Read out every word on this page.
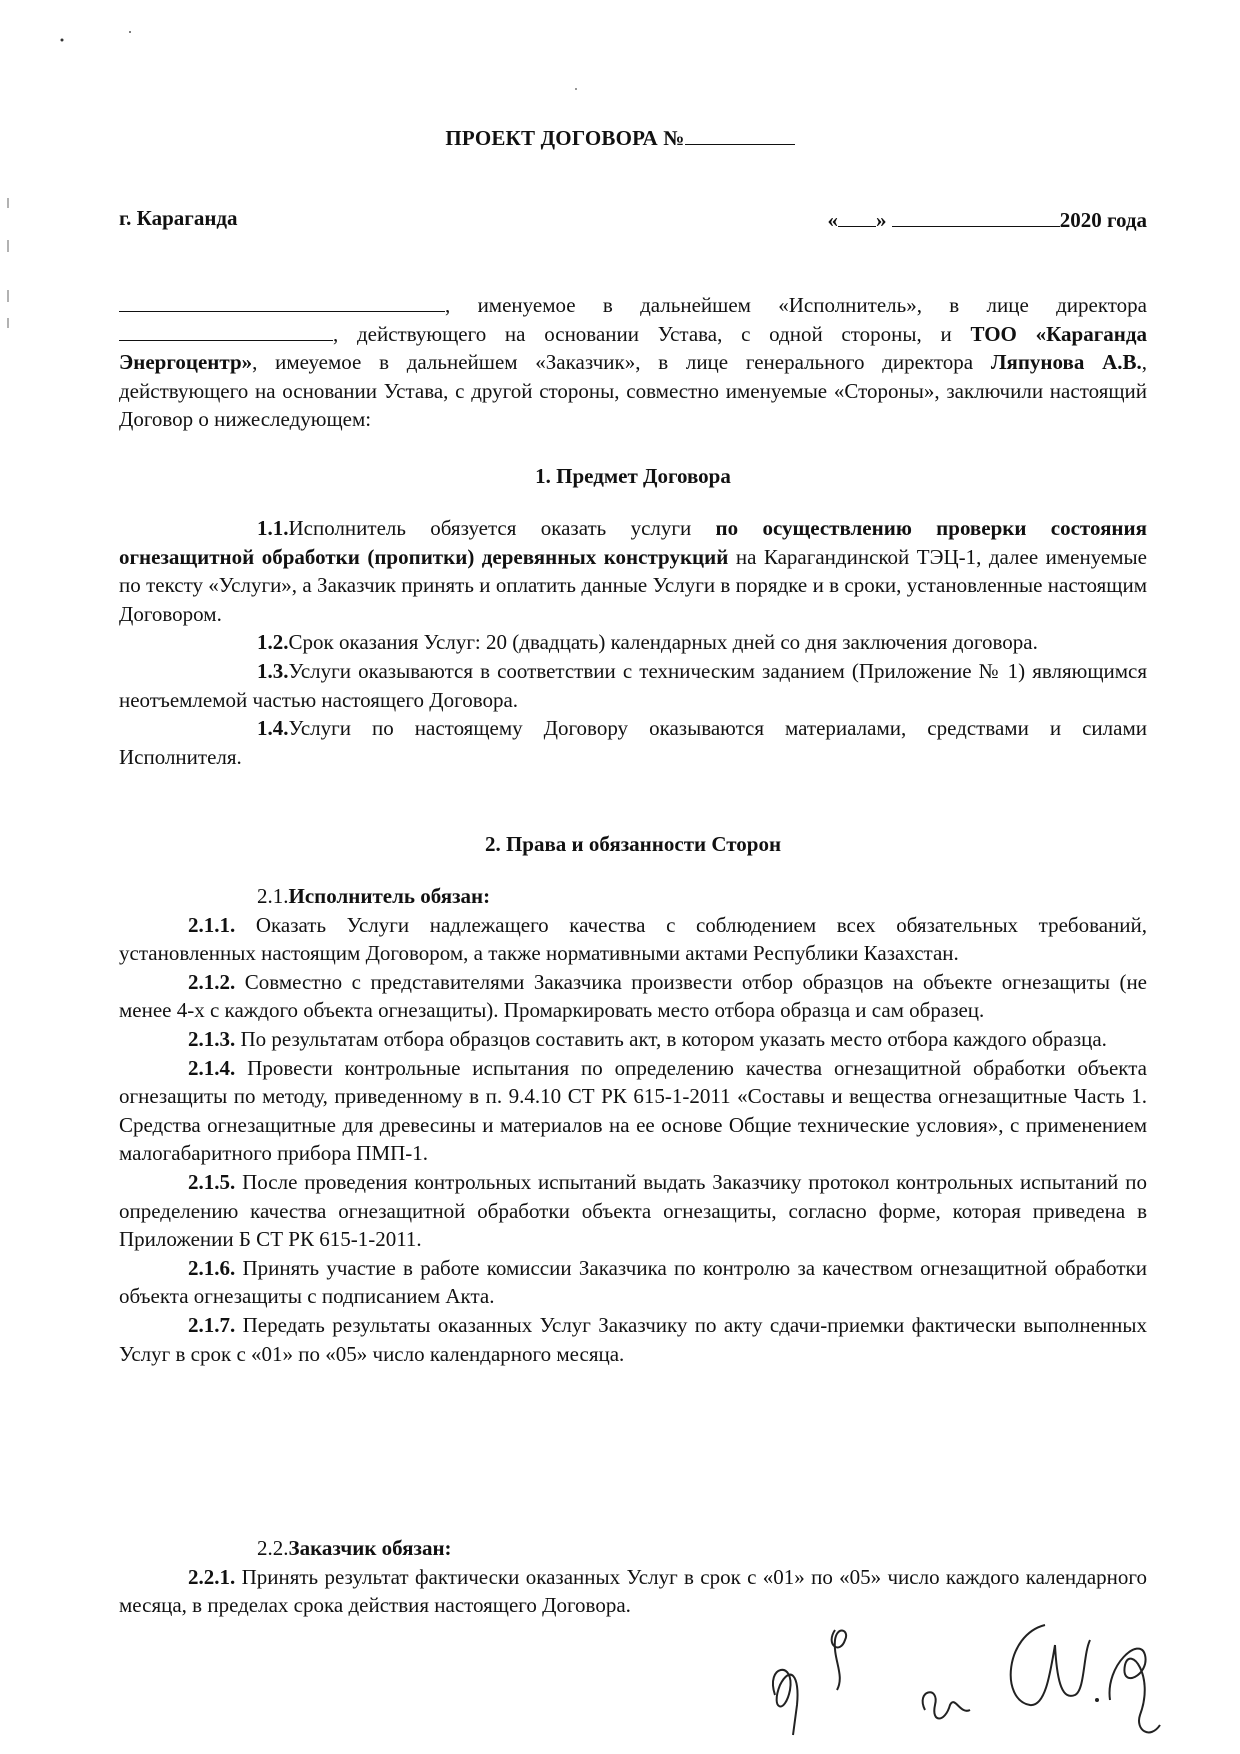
ПРОЕКТ ДОГОВОРА №
г. Караганда	« »	2020 года

, именуемое в дальнейшем «Исполнитель», в лице директора , действующего на основании Устава, с одной стороны, и ТОО «Караганда Энергоцентр», имеуемое в дальнейшем «Заказчик», в лице генерального директора Ляпунова А.В., действующего на основании Устава, с другой стороны, совместно именуемые «Стороны», заключили настоящий Договор о нижеследующем:

1. Предмет Договора

1.1.Исполнитель обязуется оказать услуги по осуществлению проверки состояния огнезащитной обработки (пропитки) деревянных конструкций на Карагандинской ТЭЦ-1, далее именуемые по тексту «Услуги», а Заказчик принять и оплатить данные Услуги в порядке и в сроки, установленные настоящим Договором.

1.2.Срок оказания Услуг: 20 (двадцать) календарных дней со дня заключения договора.

1.3.Услуги оказываются в соответствии с техническим заданием (Приложение № 1) являющимся неотъемлемой частью настоящего Договора.

1.4.Услуги по настоящему Договору оказываются материалами, средствами и силами Исполнителя.

2. Права и обязанности Сторон

2.1.Исполнитель обязан:

2.1.1. Оказать Услуги надлежащего качества с соблюдением всех обязательных требований, установленных настоящим Договором, а также нормативными актами Республики Казахстан.

2.1.2. Совместно с представителями Заказчика произвести отбор образцов на объекте огнезащиты (не менее 4-х с каждого объекта огнезащиты). Промаркировать место отбора образца и сам образец.

2.1.3. По результатам отбора образцов составить акт, в котором указать место отбора каждого образца.

2.1.4. Провести контрольные испытания по определению качества огнезащитной обработки объекта огнезащиты по методу, приведенному в п. 9.4.10 СТ РК 615-1-2011 «Составы и вещества огнезащитные Часть 1. Средства огнезащитные для древесины и материалов на ее основе Общие технические условия», с применением малогабаритного прибора ПМП-1.

2.1.5. После проведения контрольных испытаний выдать Заказчику протокол контрольных испытаний по определению качества огнезащитной обработки объекта огнезащиты, согласно форме, которая приведена в Приложении Б СТ РК 615-1-2011.

2.1.6. Принять участие в работе комиссии Заказчика по контролю за качеством огнезащитной обработки объекта огнезащиты с подписанием Акта.

2.1.7. Передать результаты оказанных Услуг Заказчику по акту сдачи-приемки фактически выполненных Услуг в срок с «01» по «05» число календарного месяца.

2.2.Заказчик обязан:

2.2.1. Принять результат фактически оказанных Услуг в срок с «01» по «05» число каждого календарного месяца, в пределах срока действия настоящего Договора.
